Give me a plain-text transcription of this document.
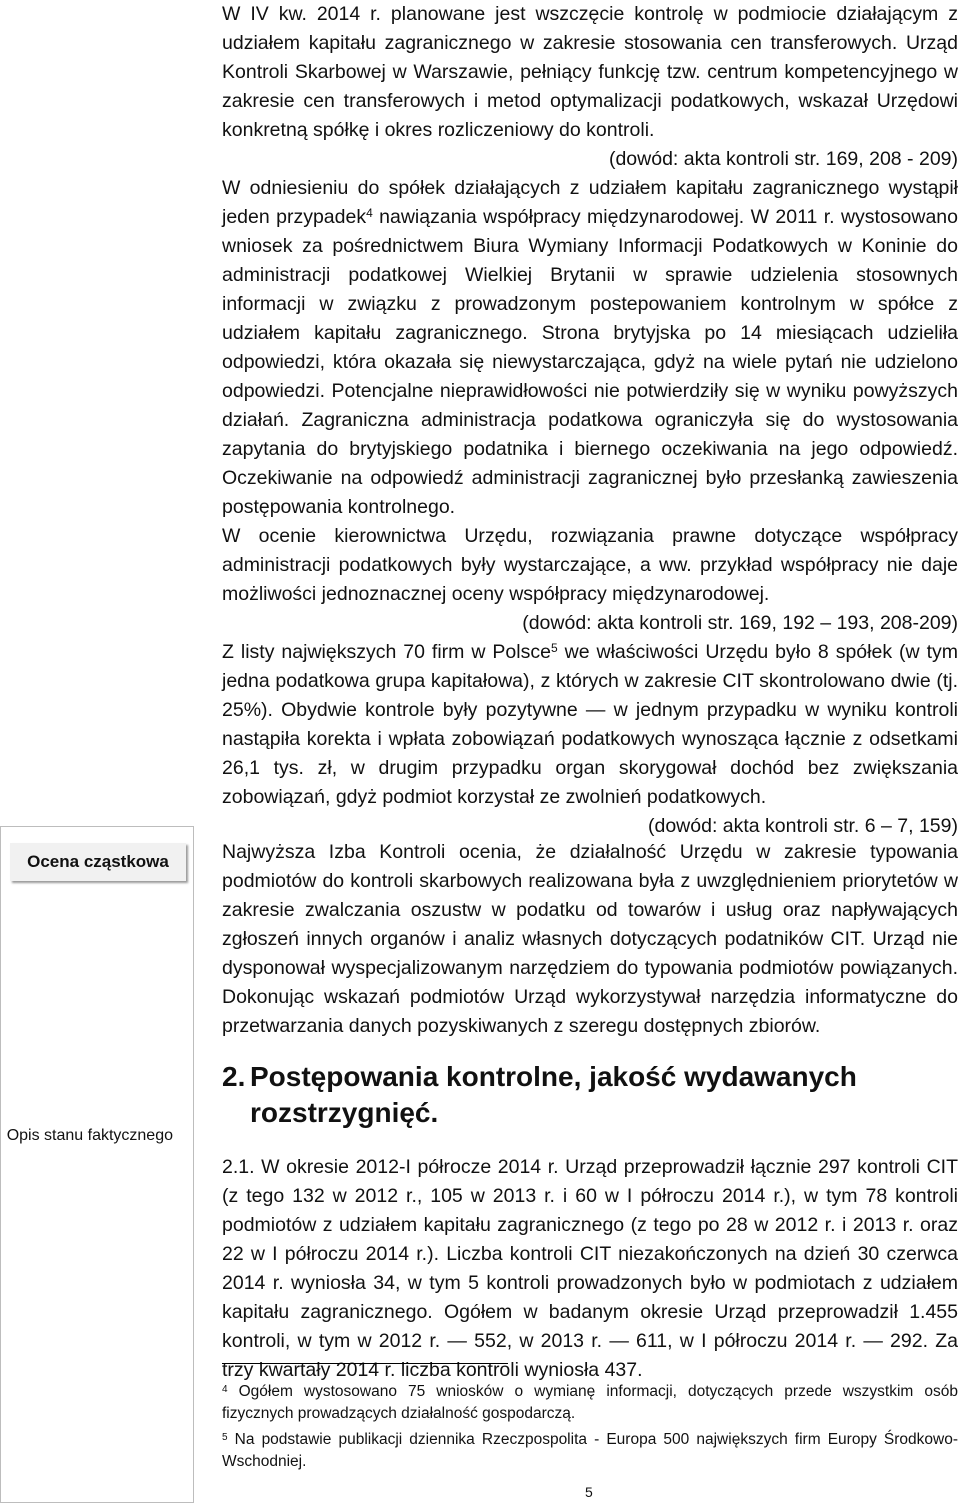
W IV kw. 2014 r. planowane jest wszczęcie kontrolę w podmiocie działającym z udziałem kapitału zagranicznego w zakresie stosowania cen transferowych. Urząd Kontroli Skarbowej w Warszawie, pełniący funkcję tzw. centrum kompetencyjnego w zakresie cen transferowych i metod optymalizacji podatkowych, wskazał Urzędowi konkretną spółkę i okres rozliczeniowy do kontroli.

(dowód: akta kontroli str. 169, 208 - 209)

W odniesieniu do spółek działających z udziałem kapitału zagranicznego wystąpił jeden przypadek$^4$ nawiązania współpracy międzynarodowej. W 2011 r. wystosowano wniosek za pośrednictwem Biura Wymiany Informacji Podatkowych w Koninie do administracji podatkowej Wielkiej Brytanii w sprawie udzielenia stosownych informacji w związku z prowadzonym postepowaniem kontrolnym w spółce z udziałem kapitału zagranicznego. Strona brytyjska po 14 miesiącach udzieliła odpowiedzi, która okazała się niewystarczająca, gdyż na wiele pytań nie udzielono odpowiedzi. Potencjalne nieprawidłowości nie potwierdziły się w wyniku powyższych działań. Zagraniczna administracja podatkowa ograniczyła się do wystosowania zapytania do brytyjskiego podatnika i biernego oczekiwania na jego odpowiedź. Oczekiwanie na odpowiedź administracji zagranicznej było przesłanką zawieszenia postępowania kontrolnego.

W ocenie kierownictwa Urzędu, rozwiązania prawne dotyczące współpracy administracji podatkowych były wystarczające, a ww. przykład współpracy nie daje możliwości jednoznacznej oceny współpracy międzynarodowej.

(dowód: akta kontroli str. 169, 192 – 193, 208-209)

Z listy największych 70 firm w Polsce$^5$ we właściwości Urzędu było 8 spółek (w tym jedna podatkowa grupa kapitałowa), z których w zakresie CIT skontrolowano dwie (tj. 25%). Obydwie kontrole były pozytywne — w jednym przypadku w wyniku kontroli nastąpiła korekta i wpłata zobowiązań podatkowych wynosząca łącznie z odsetkami 26,1 tys. zł, w drugim przypadku organ skorygował dochód bez zwiększania zobowiązań, gdyż podmiot korzystał ze zwolnień podatkowych.

(dowód: akta kontroli str. 6 – 7, 159)

Ocena cząstkowa
Opis stanu faktycznego

Najwyższa Izba Kontroli ocenia, że działalność Urzędu w zakresie typowania podmiotów do kontroli skarbowych realizowana była z uwzględnieniem priorytetów w zakresie zwalczania oszustw w podatku od towarów i usług oraz napływających zgłoszeń innych organów i analiz własnych dotyczących podatników CIT. Urząd nie dysponował wyspecjalizowanym narzędziem do typowania podmiotów powiązanych. Dokonując wskazań podmiotów Urząd wykorzystywał narzędzia informatyczne do przetwarzania danych pozyskiwanych z szeregu dostępnych zbiorów.

2. Postępowania kontrolne, jakość wydawanych rozstrzygnięć.

2.1. W okresie 2012-I półrocze 2014 r. Urząd przeprowadził łącznie 297 kontroli CIT (z tego 132 w 2012 r., 105 w 2013 r. i 60 w I półroczu 2014 r.), w tym 78 kontroli podmiotów z udziałem kapitału zagranicznego (z tego po 28 w 2012 r. i 2013 r. oraz 22 w I półroczu 2014 r.). Liczba kontroli CIT niezakończonych na dzień 30 czerwca 2014 r. wyniosła 34, w tym 5 kontroli prowadzonych było w podmiotach z udziałem kapitału zagranicznego. Ogółem w badanym okresie Urząd przeprowadził 1.455 kontroli, w tym w 2012 r. — 552, w 2013 r. — 611, w I półroczu 2014 r. — 292. Za trzy kwartały 2014 r. liczba kontroli wyniosła 437.

$^4$ Ogółem wystosowano 75 wniosków o wymianę informacji, dotyczących przede wszystkim osób fizycznych prowadzących działalność gospodarczą.

$^5$ Na podstawie publikacji dziennika Rzeczpospolita - Europa 500 największych firm Europy Środkowo-Wschodniej.

5
